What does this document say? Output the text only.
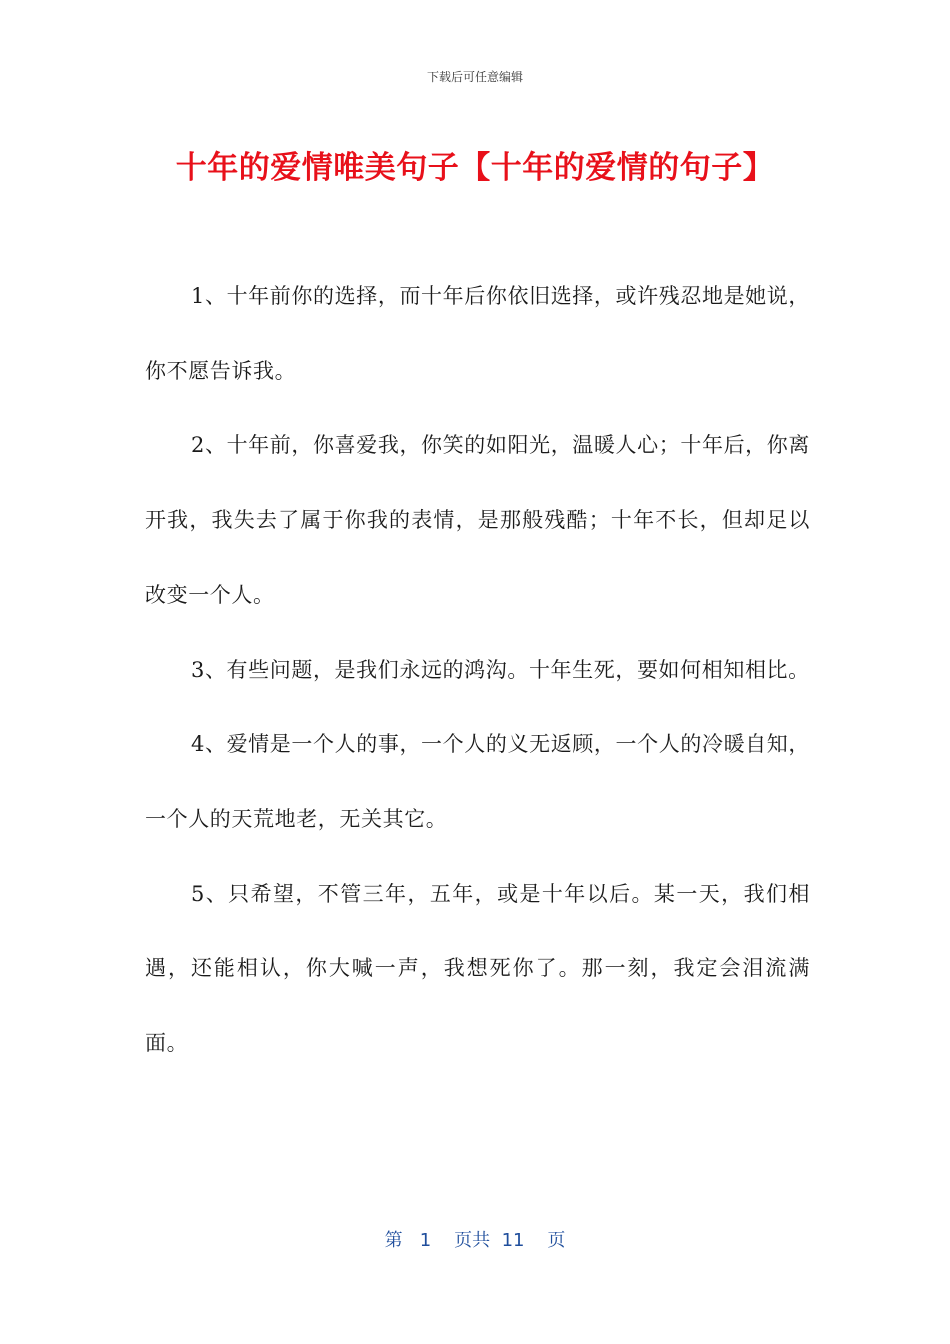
下载后可任意编辑
十年的爱情唯美句子【十年的爱情的句子】

1、十年前你的选择，而十年后你依旧选择，或许残忍地是她说，你不愿告诉我。

2、十年前，你喜爱我，你笑的如阳光，温暖人心；十年后，你离开我，我失去了属于你我的表情，是那般残酷；十年不长，但却足以改变一个人。

3、有些问题，是我们永远的鸿沟。十年生死，要如何相知相比。

4、爱情是一个人的事，一个人的义无返顾，一个人的冷暖自知，一个人的天荒地老，无关其它。

5、只希望，不管三年，五年，或是十年以后。某一天，我们相遇，还能相认，你大喊一声，我想死你了。那一刻，我定会泪流满面。

第 1 页共 11 页
